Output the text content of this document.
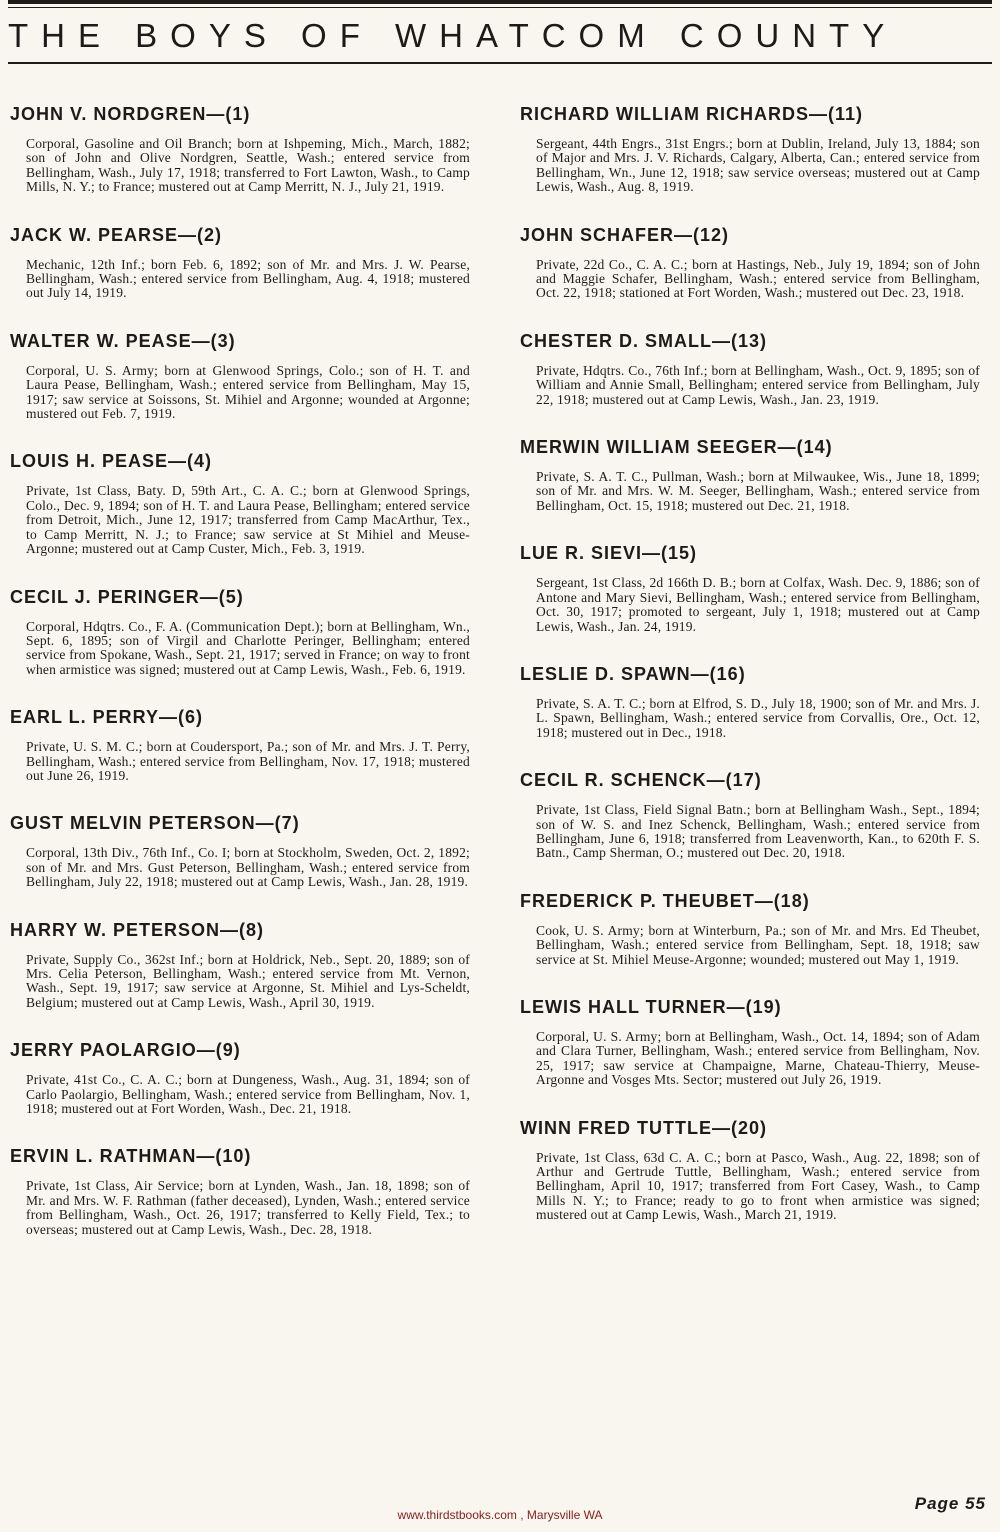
THE BOYS OF WHATCOM COUNTY
JOHN V. NORDGREN—(1)

Corporal, Gasoline and Oil Branch; born at Ishpeming, Mich., March, 1882; son of John and Olive Nordgren, Seattle, Wash.; entered service from Bellingham, Wash., July 17, 1918; transferred to Fort Lawton, Wash., to Camp Mills, N. Y.; to France; mustered out at Camp Merritt, N. J., July 21, 1919.

JACK W. PEARSE—(2)

Mechanic, 12th Inf.; born Feb. 6, 1892; son of Mr. and Mrs. J. W. Pearse, Bellingham, Wash.; entered service from Bellingham, Aug. 4, 1918; mustered out July 14, 1919.

WALTER W. PEASE—(3)

Corporal, U. S. Army; born at Glenwood Springs, Colo.; son of H. T. and Laura Pease, Bellingham, Wash.; entered service from Bellingham, May 15, 1917; saw service at Soissons, St. Mihiel and Argonne; wounded at Argonne; mustered out Feb. 7, 1919.

LOUIS H. PEASE—(4)

Private, 1st Class, Baty. D, 59th Art., C. A. C.; born at Glenwood Springs, Colo., Dec. 9, 1894; son of H. T. and Laura Pease, Bellingham; entered service from Detroit, Mich., June 12, 1917; transferred from Camp MacArthur, Tex., to Camp Merritt, N. J.; to France; saw service at St Mihiel and Meuse-Argonne; mustered out at Camp Custer, Mich., Feb. 3, 1919.

CECIL J. PERINGER—(5)

Corporal, Hdqtrs. Co., F. A. (Communication Dept.); born at Bellingham, Wn., Sept. 6, 1895; son of Virgil and Charlotte Peringer, Bellingham; entered service from Spokane, Wash., Sept. 21, 1917; served in France; on way to front when armistice was signed; mustered out at Camp Lewis, Wash., Feb. 6, 1919.

EARL L. PERRY—(6)

Private, U. S. M. C.; born at Coudersport, Pa.; son of Mr. and Mrs. J. T. Perry, Bellingham, Wash.; entered service from Bellingham, Nov. 17, 1918; mustered out June 26, 1919.

GUST MELVIN PETERSON—(7)

Corporal, 13th Div., 76th Inf., Co. I; born at Stockholm, Sweden, Oct. 2, 1892; son of Mr. and Mrs. Gust Peterson, Bellingham, Wash.; entered service from Bellingham, July 22, 1918; mustered out at Camp Lewis, Wash., Jan. 28, 1919.

HARRY W. PETERSON—(8)

Private, Supply Co., 362st Inf.; born at Holdrick, Neb., Sept. 20, 1889; son of Mrs. Celia Peterson, Bellingham, Wash.; entered service from Mt. Vernon, Wash., Sept. 19, 1917; saw service at Argonne, St. Mihiel and Lys-Scheldt, Belgium; mustered out at Camp Lewis, Wash., April 30, 1919.

JERRY PAOLARGIO—(9)

Private, 41st Co., C. A. C.; born at Dungeness, Wash., Aug. 31, 1894; son of Carlo Paolargio, Bellingham, Wash.; entered service from Bellingham, Nov. 1, 1918; mustered out at Fort Worden, Wash., Dec. 21, 1918.

ERVIN L. RATHMAN—(10)

Private, 1st Class, Air Service; born at Lynden, Wash., Jan. 18, 1898; son of Mr. and Mrs. W. F. Rathman (father deceased), Lynden, Wash.; entered service from Bellingham, Wash., Oct. 26, 1917; transferred to Kelly Field, Tex.; to overseas; mustered out at Camp Lewis, Wash., Dec. 28, 1918.

RICHARD WILLIAM RICHARDS—(11)

Sergeant, 44th Engrs., 31st Engrs.; born at Dublin, Ireland, July 13, 1884; son of Major and Mrs. J. V. Richards, Calgary, Alberta, Can.; entered service from Bellingham, Wn., June 12, 1918; saw service overseas; mustered out at Camp Lewis, Wash., Aug. 8, 1919.

JOHN SCHAFER—(12)

Private, 22d Co., C. A. C.; born at Hastings, Neb., July 19, 1894; son of John and Maggie Schafer, Bellingham, Wash.; entered service from Bellingham, Oct. 22, 1918; stationed at Fort Worden, Wash.; mustered out Dec. 23, 1918.

CHESTER D. SMALL—(13)

Private, Hdqtrs. Co., 76th Inf.; born at Bellingham, Wash., Oct. 9, 1895; son of William and Annie Small, Bellingham; entered service from Bellingham, July 22, 1918; mustered out at Camp Lewis, Wash., Jan. 23, 1919.

MERWIN WILLIAM SEEGER—(14)

Private, S. A. T. C., Pullman, Wash.; born at Milwaukee, Wis., June 18, 1899; son of Mr. and Mrs. W. M. Seeger, Bellingham, Wash.; entered service from Bellingham, Oct. 15, 1918; mustered out Dec. 21, 1918.

LUE R. SIEVI—(15)

Sergeant, 1st Class, 2d 166th D. B.; born at Colfax, Wash. Dec. 9, 1886; son of Antone and Mary Sievi, Bellingham, Wash.; entered service from Bellingham, Oct. 30, 1917; promoted to sergeant, July 1, 1918; mustered out at Camp Lewis, Wash., Jan. 24, 1919.

LESLIE D. SPAWN—(16)

Private, S. A. T. C.; born at Elfrod, S. D., July 18, 1900; son of Mr. and Mrs. J. L. Spawn, Bellingham, Wash.; entered service from Corvallis, Ore., Oct. 12, 1918; mustered out in Dec., 1918.

CECIL R. SCHENCK—(17)

Private, 1st Class, Field Signal Batn.; born at Bellingham Wash., Sept., 1894; son of W. S. and Inez Schenck, Bellingham, Wash.; entered service from Bellingham, June 6, 1918; transferred from Leavenworth, Kan., to 620th F. S. Batn., Camp Sherman, O.; mustered out Dec. 20, 1918.

FREDERICK P. THEUBET—(18)

Cook, U. S. Army; born at Winterburn, Pa.; son of Mr. and Mrs. Ed Theubet, Bellingham, Wash.; entered service from Bellingham, Sept. 18, 1918; saw service at St. Mihiel Meuse-Argonne; wounded; mustered out May 1, 1919.

LEWIS HALL TURNER—(19)

Corporal, U. S. Army; born at Bellingham, Wash., Oct. 14, 1894; son of Adam and Clara Turner, Bellingham, Wash.; entered service from Bellingham, Nov. 25, 1917; saw service at Champaigne, Marne, Chateau-Thierry, Meuse-Argonne and Vosges Mts. Sector; mustered out July 26, 1919.

WINN FRED TUTTLE—(20)

Private, 1st Class, 63d C. A. C.; born at Pasco, Wash., Aug. 22, 1898; son of Arthur and Gertrude Tuttle, Bellingham, Wash.; entered service from Bellingham, April 10, 1917; transferred from Fort Casey, Wash., to Camp Mills N. Y.; to France; ready to go to front when armistice was signed; mustered out at Camp Lewis, Wash., March 21, 1919.

www.thirdstbooks.com , Marysville WA
Page 55
